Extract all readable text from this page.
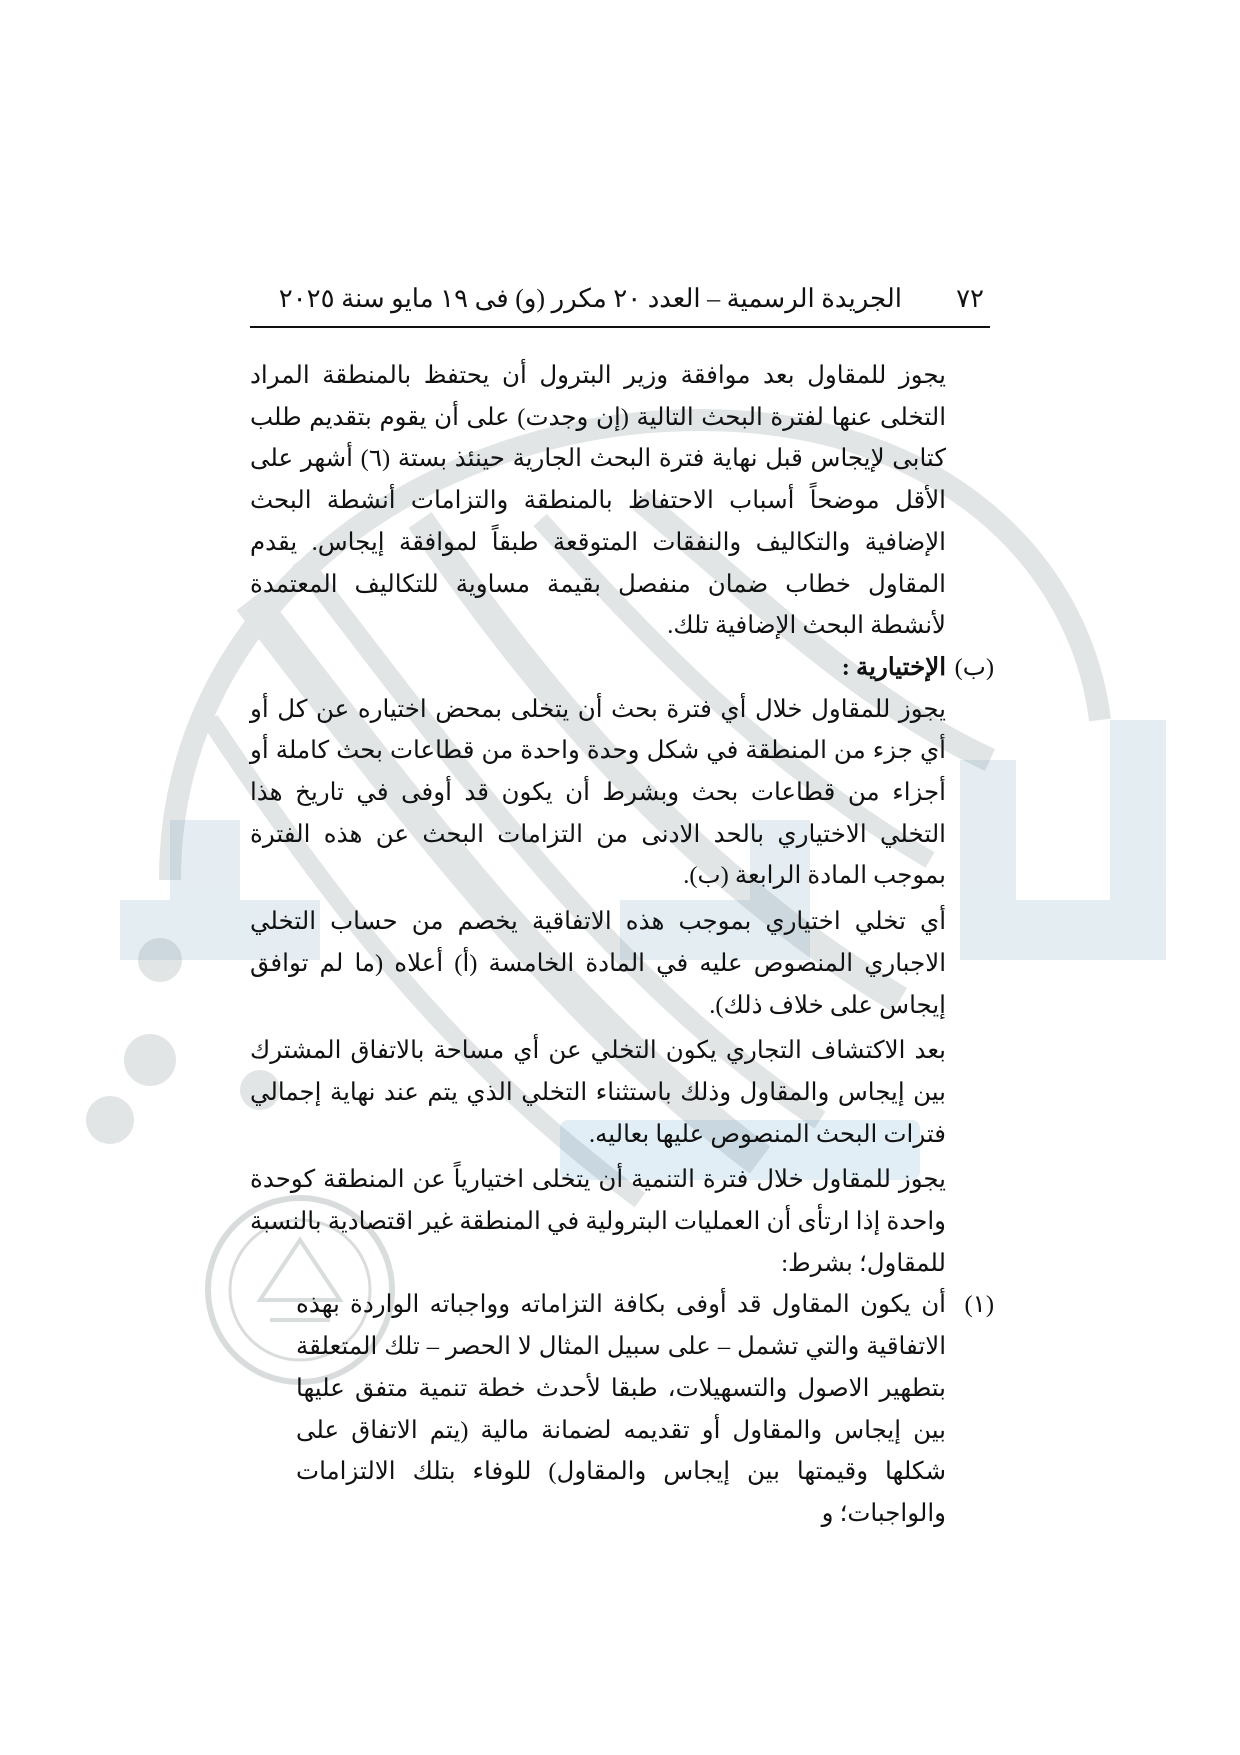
٧٢
الجريدة الرسمية – العدد ٢٠ مكرر (و) فى ١٩ مايو سنة ٢٠٢٥

يجوز للمقاول بعد موافقة وزير البترول أن يحتفظ بالمنطقة المراد التخلى عنها لفترة البحث التالية (إن وجدت) على أن يقوم بتقديم طلب كتابى لإيجاس قبل نهاية فترة البحث الجارية حينئذ بستة (٦) أشهر على الأقل موضحاً أسباب الاحتفاظ بالمنطقة والتزامات أنشطة البحث الإضافية والتكاليف والنفقات المتوقعة طبقاً لموافقة إيجاس. يقدم المقاول خطاب ضمان منفصل بقيمة مساوية للتكاليف المعتمدة لأنشطة البحث الإضافية تلك.

(ب)الإختيارية :

يجوز للمقاول خلال أي فترة بحث أن يتخلى بمحض اختياره عن كل أو أي جزء من المنطقة في شكل وحدة واحدة من قطاعات بحث كاملة أو أجزاء من قطاعات بحث وبشرط أن يكون قد أوفى في تاريخ هذا التخلي الاختياري بالحد الادنى من التزامات البحث عن هذه الفترة بموجب المادة الرابعة (ب).

أي تخلي اختياري بموجب هذه الاتفاقية يخصم من حساب التخلي الاجباري المنصوص عليه في المادة الخامسة (أ) أعلاه (ما لم توافق إيجاس على خلاف ذلك).

بعد الاكتشاف التجاري يكون التخلي عن أي مساحة بالاتفاق المشترك بين إيجاس والمقاول وذلك باستثناء التخلي الذي يتم عند نهاية إجمالي فترات البحث المنصوص عليها بعاليه.

يجوز للمقاول خلال فترة التنمية أن يتخلى اختيارياً عن المنطقة كوحدة واحدة إذا ارتأى أن العمليات البترولية في المنطقة غير اقتصادية بالنسبة للمقاول؛ بشرط:

(١)
أن يكون المقاول قد أوفى بكافة التزاماته وواجباته الواردة بهذه الاتفاقية والتي تشمل – على سبيل المثال لا الحصر – تلك المتعلقة بتطهير الاصول والتسهيلات، طبقا لأحدث خطة تنمية متفق عليها بين إيجاس والمقاول أو تقديمه لضمانة مالية (يتم الاتفاق على شكلها وقيمتها بين إيجاس والمقاول) للوفاء بتلك الالتزامات والواجبات؛ و
